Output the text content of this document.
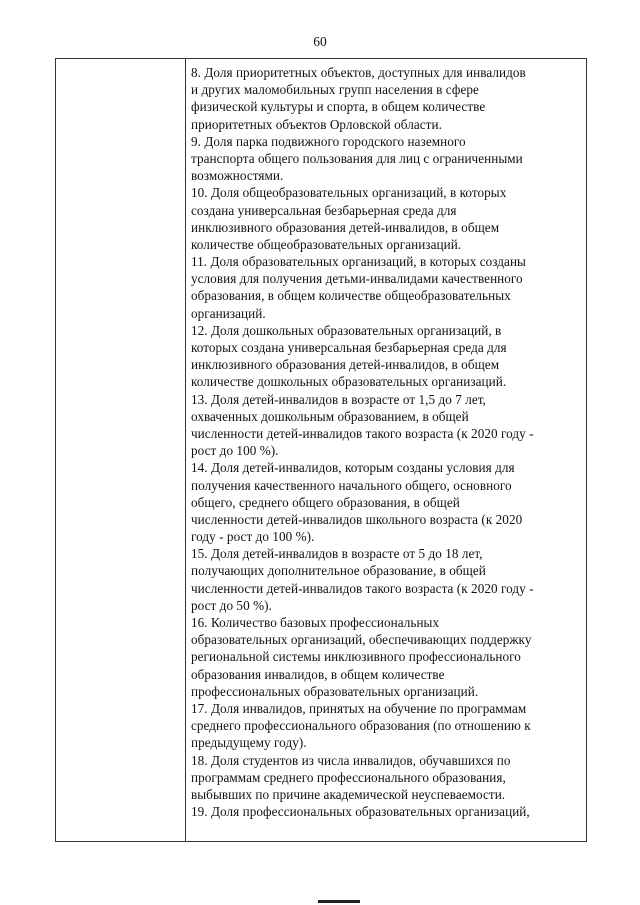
60
8. Доля приоритетных объектов, доступных для инвалидов
и других маломобильных групп населения в сфере
физической культуры и спорта, в общем количестве
приоритетных объектов Орловской области.
9. Доля парка подвижного городского наземного
транспорта общего пользования для лиц с ограниченными
возможностями.
10. Доля общеобразовательных организаций, в которых
создана универсальная безбарьерная среда для
инклюзивного образования детей-инвалидов, в общем
количестве общеобразовательных организаций.
11. Доля образовательных организаций, в которых созданы
условия для получения детьми-инвалидами качественного
образования, в общем количестве общеобразовательных
организаций.
12. Доля дошкольных образовательных организаций, в
которых создана универсальная безбарьерная среда для
инклюзивного образования детей-инвалидов, в общем
количестве дошкольных образовательных организаций.
13. Доля детей-инвалидов в возрасте от 1,5 до 7 лет,
охваченных дошкольным образованием, в общей
численности детей-инвалидов такого возраста (к 2020 году -
рост до 100 %).
14. Доля детей-инвалидов, которым созданы условия для
получения качественного начального общего, основного
общего, среднего общего образования, в общей
численности детей-инвалидов школьного возраста (к 2020
году - рост до 100 %).
15. Доля детей-инвалидов в возрасте от 5 до 18 лет,
получающих дополнительное образование, в общей
численности детей-инвалидов такого возраста (к 2020 году -
рост до 50 %).
16. Количество базовых профессиональных
образовательных организаций, обеспечивающих поддержку
региональной системы инклюзивного профессионального
образования инвалидов, в общем количестве
профессиональных образовательных организаций.
17. Доля инвалидов, принятых на обучение по программам
среднего профессионального образования (по отношению к
предыдущему году).
18. Доля студентов из числа инвалидов, обучавшихся по
программам среднего профессионального образования,
выбывших по причине академической неуспеваемости.
19. Доля профессиональных образовательных организаций,
